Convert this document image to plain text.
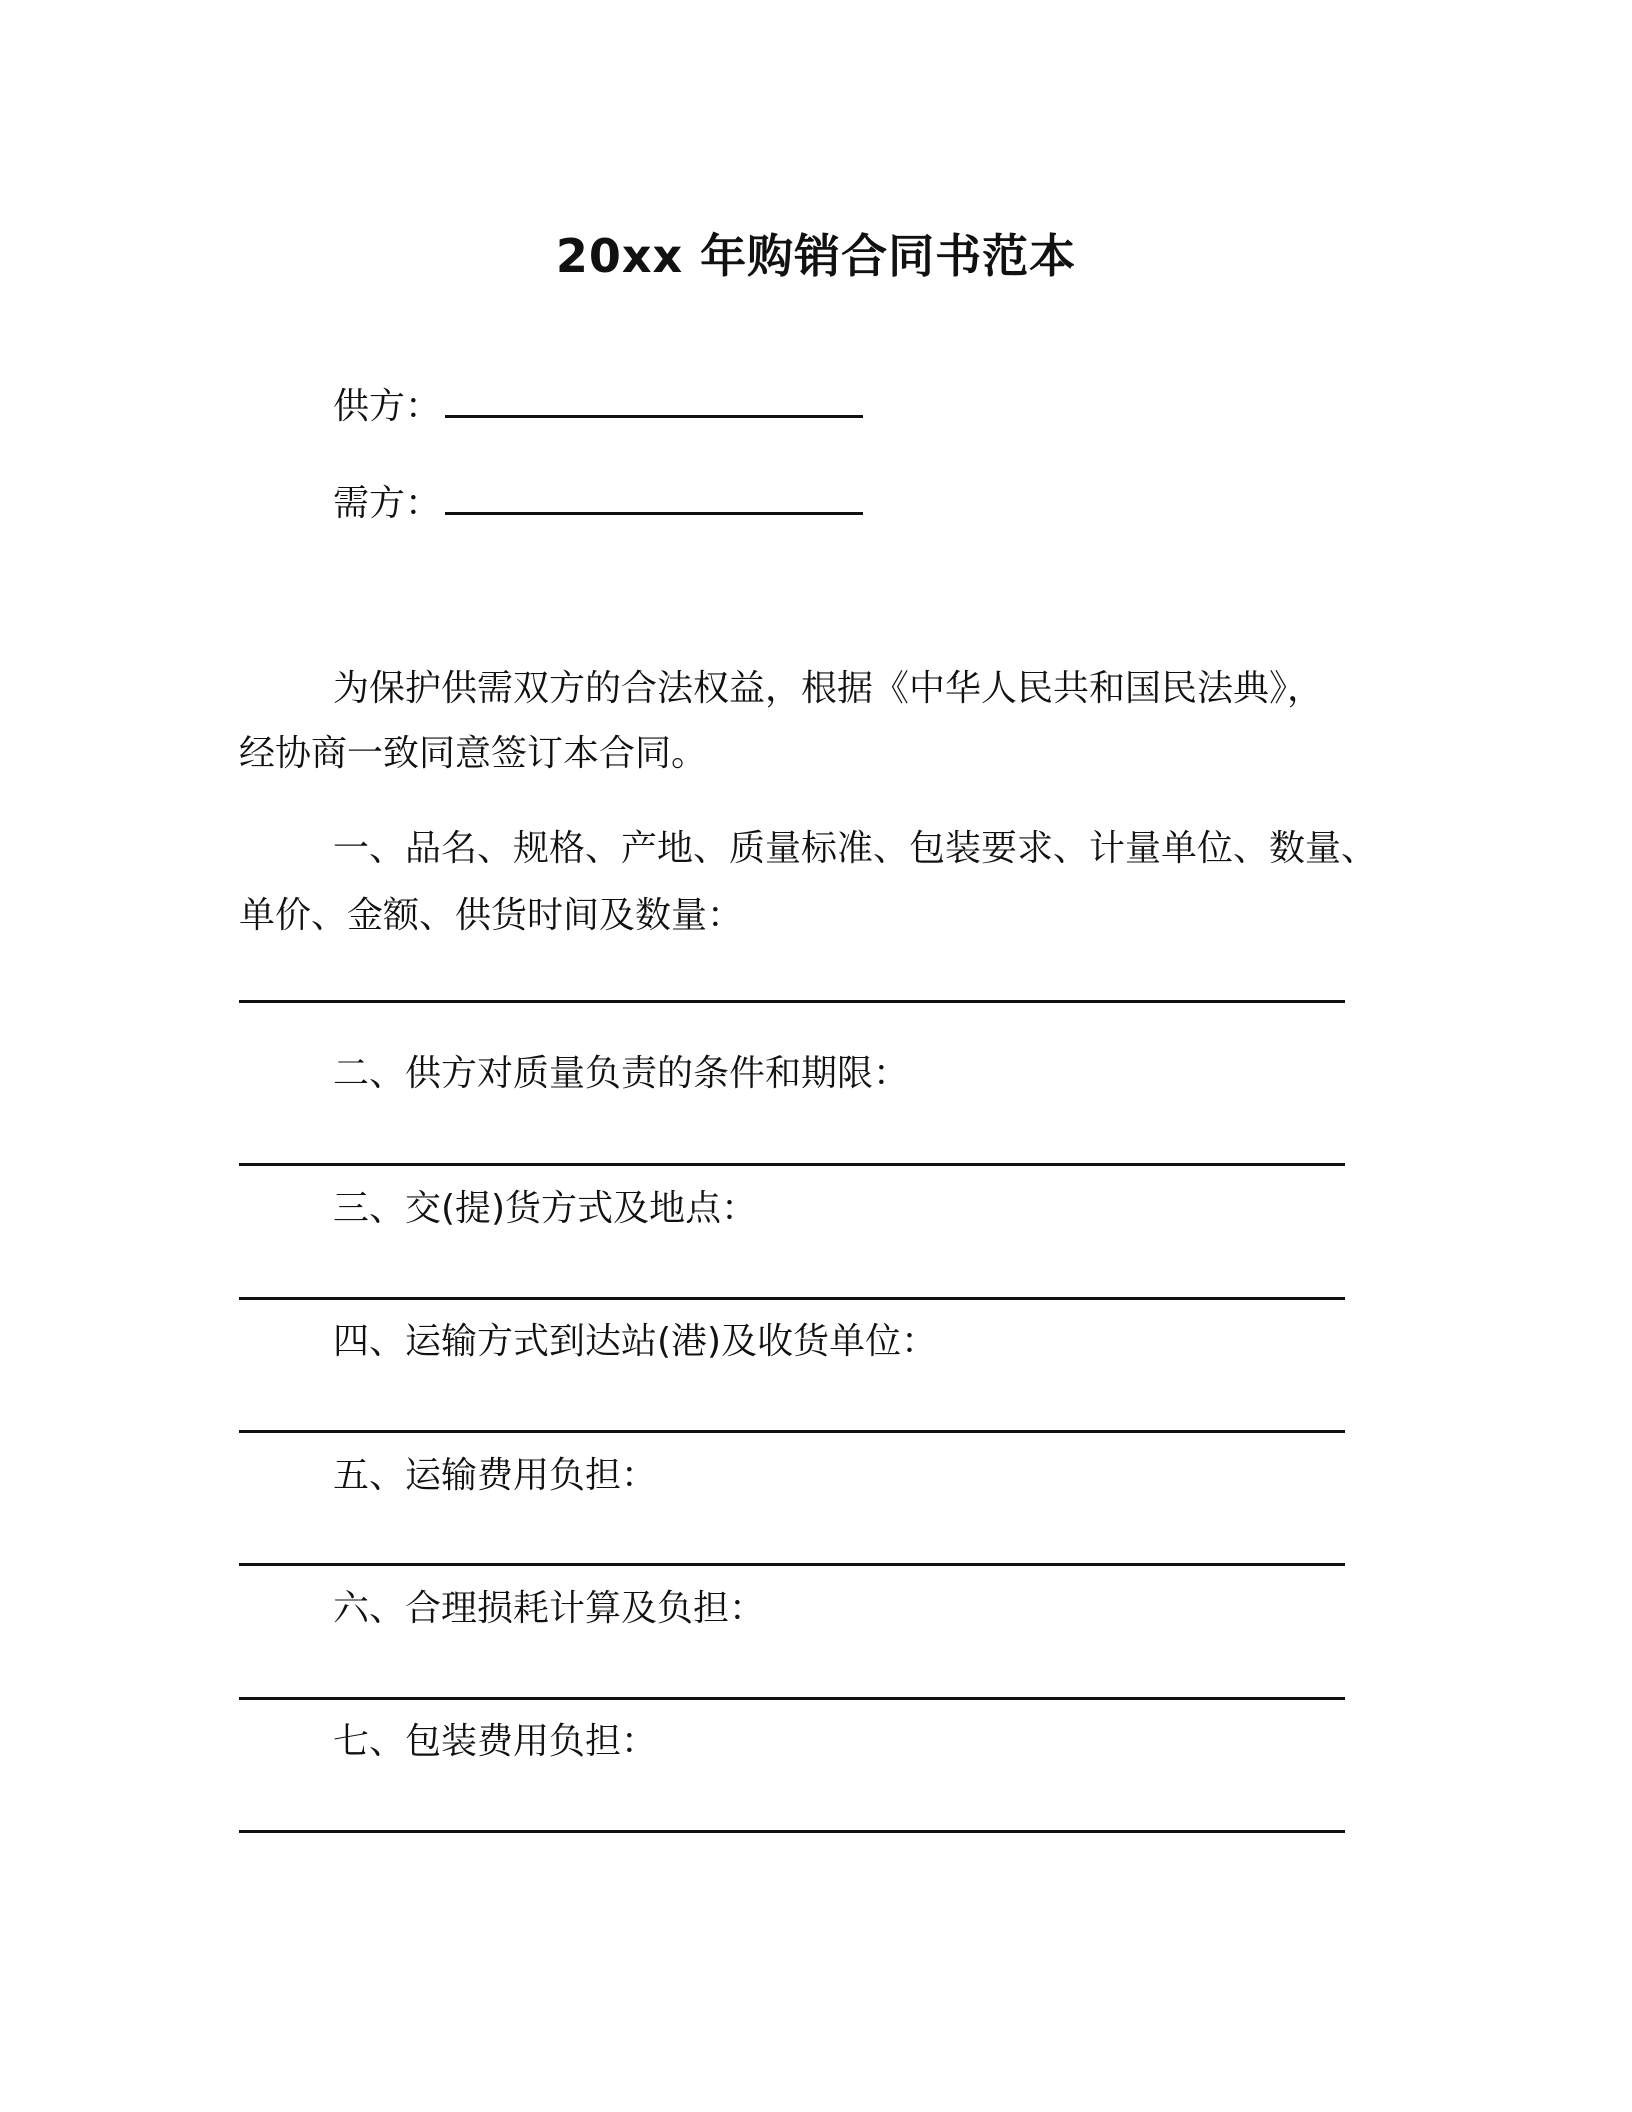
20xx 年购销合同书范本
供方：
需方：
为保护供需双方的合法权益，根据《中华人民共和国民法典》，
经协商一致同意签订本合同。
一、品名、规格、产地、质量标准、包装要求、计量单位、数量、
单价、金额、供货时间及数量：
二、供方对质量负责的条件和期限：
三、交(提)货方式及地点：
四、运输方式到达站(港)及收货单位：
五、运输费用负担：
六、合理损耗计算及负担：
七、包装费用负担：
